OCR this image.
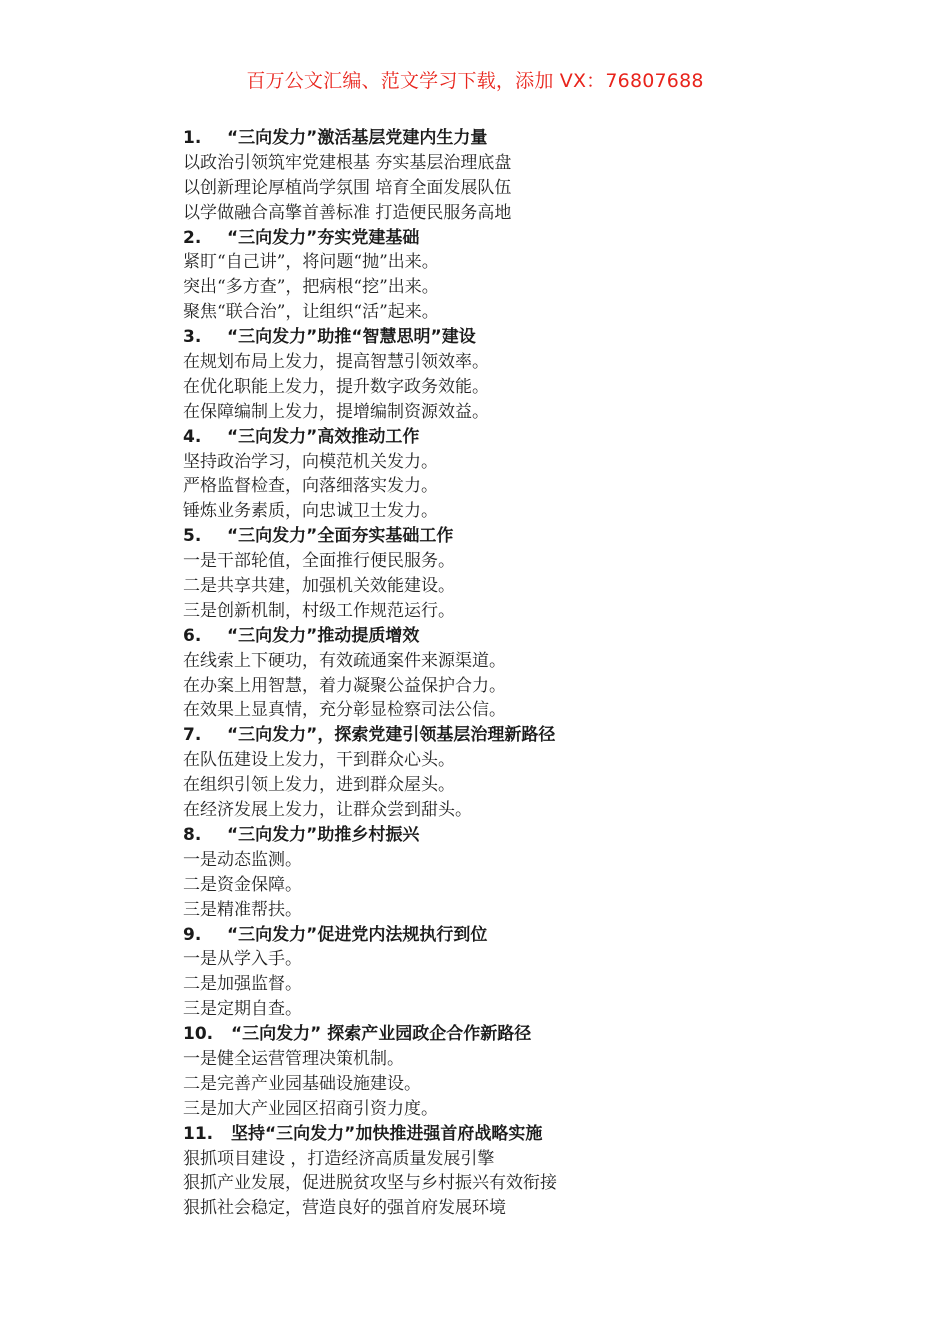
百万公文汇编、范文学习下载，添加 VX：76807688
1. “三向发力”激活基层党建内生力量
以政治引领筑牢党建根基 夯实基层治理底盘
以创新理论厚植尚学氛围 培育全面发展队伍
以学做融合高擎首善标准 打造便民服务高地
2. “三向发力”夯实党建基础
紧盯“自己讲”，将问题“抛”出来。
突出“多方查”，把病根“挖”出来。
聚焦“联合治”，让组织“活”起来。
3. “三向发力”助推“智慧思明”建设
在规划布局上发力，提高智慧引领效率。
在优化职能上发力，提升数字政务效能。
在保障编制上发力，提增编制资源效益。
4. “三向发力”高效推动工作
坚持政治学习，向模范机关发力。
严格监督检查，向落细落实发力。
锤炼业务素质，向忠诚卫士发力。
5. “三向发力”全面夯实基础工作
一是干部轮值，全面推行便民服务。
二是共享共建，加强机关效能建设。
三是创新机制，村级工作规范运行。
6. “三向发力”推动提质增效
在线索上下硬功，有效疏通案件来源渠道。
在办案上用智慧，着力凝聚公益保护合力。
在效果上显真情，充分彰显检察司法公信。
7. “三向发力”，探索党建引领基层治理新路径
在队伍建设上发力，干到群众心头。
在组织引领上发力，进到群众屋头。
在经济发展上发力，让群众尝到甜头。
8. “三向发力”助推乡村振兴
一是动态监测。
二是资金保障。
三是精准帮扶。
9. “三向发力”促进党内法规执行到位
一是从学入手。
二是加强监督。
三是定期自查。
10. “三向发力” 探索产业园政企合作新路径
一是健全运营管理决策机制。
二是完善产业园基础设施建设。
三是加大产业园区招商引资力度。
11. 坚持“三向发力”加快推进强首府战略实施
狠抓项目建设 ，打造经济高质量发展引擎
狠抓产业发展，促进脱贫攻坚与乡村振兴有效衔接
狠抓社会稳定，营造良好的强首府发展环境
